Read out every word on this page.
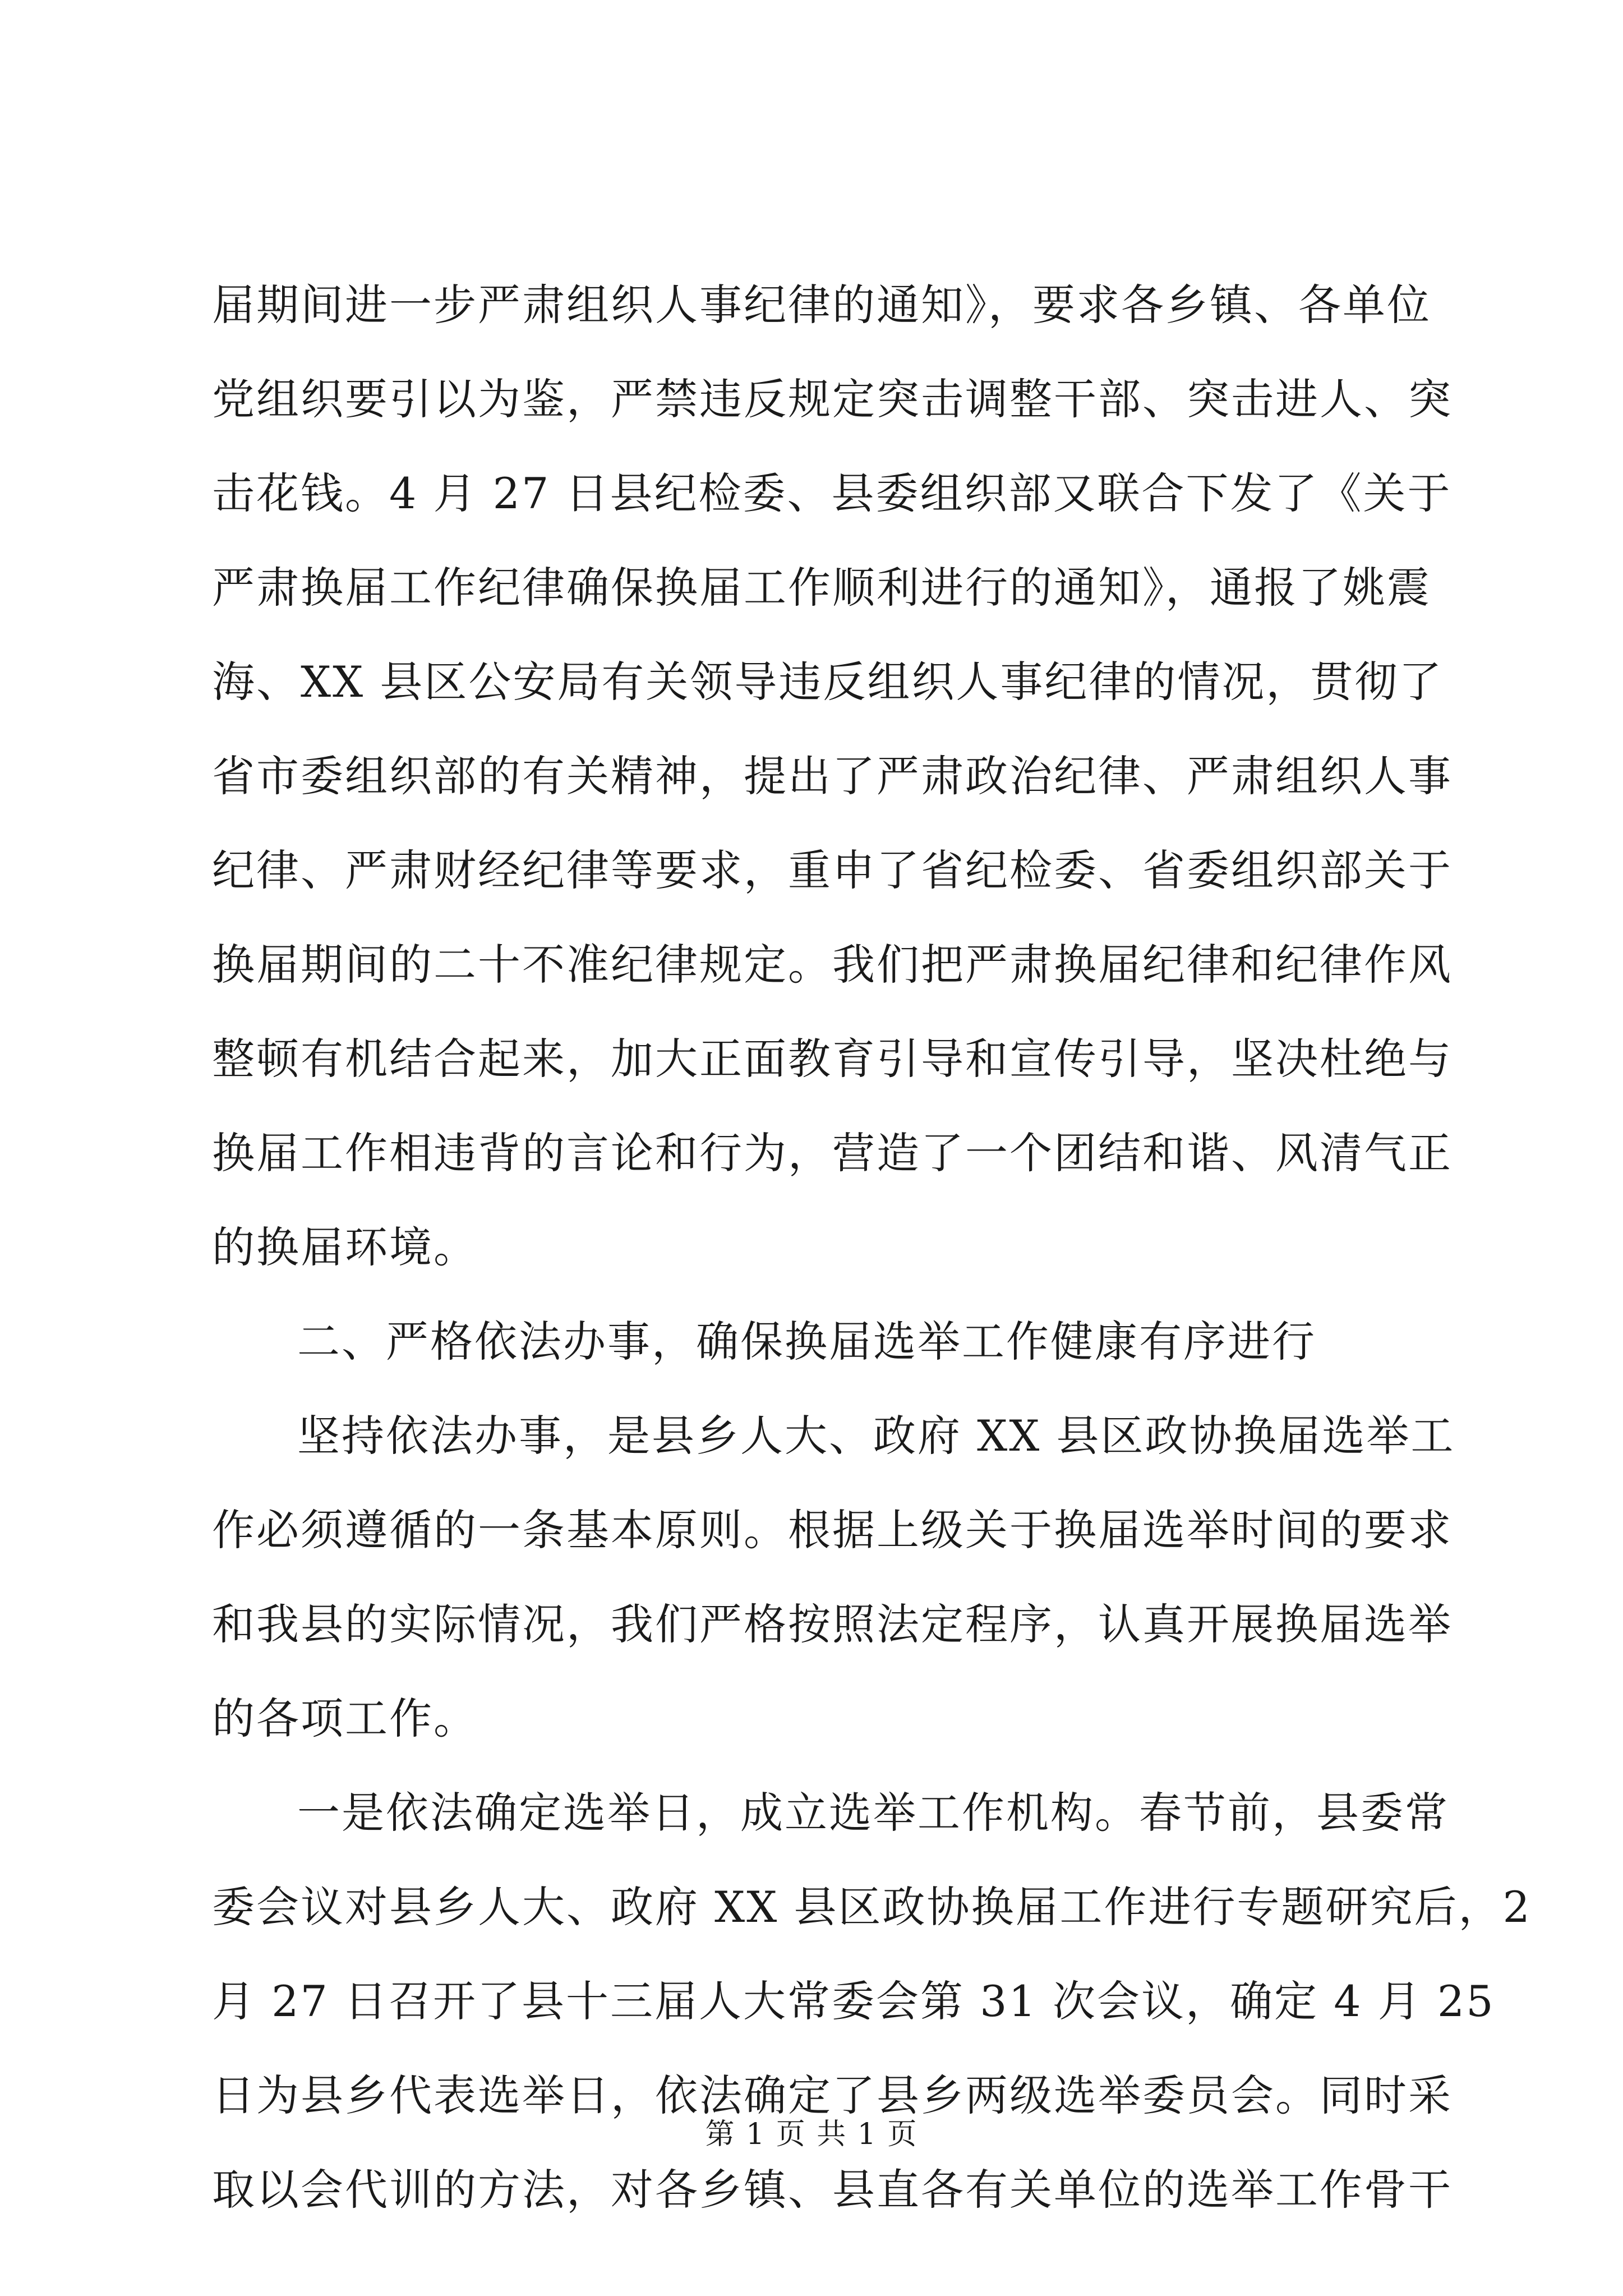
届期间进一步严肃组织人事纪律的通知》，要求各乡镇、各单位
党组织要引以为鉴，严禁违反规定突击调整干部、突击进人、突
击花钱。4 月 27 日县纪检委、县委组织部又联合下发了《关于
严肃换届工作纪律确保换届工作顺利进行的通知》，通报了姚震
海、XX 县区公安局有关领导违反组织人事纪律的情况，贯彻了
省市委组织部的有关精神，提出了严肃政治纪律、严肃组织人事
纪律、严肃财经纪律等要求，重申了省纪检委、省委组织部关于
换届期间的二十不准纪律规定。我们把严肃换届纪律和纪律作风
整顿有机结合起来，加大正面教育引导和宣传引导，坚决杜绝与
换届工作相违背的言论和行为，营造了一个团结和谐、风清气正
的换届环境。
二、严格依法办事，确保换届选举工作健康有序进行
坚持依法办事，是县乡人大、政府 XX 县区政协换届选举工
作必须遵循的一条基本原则。根据上级关于换届选举时间的要求
和我县的实际情况，我们严格按照法定程序，认真开展换届选举
的各项工作。
一是依法确定选举日，成立选举工作机构。春节前，县委常
委会议对县乡人大、政府 XX 县区政协换届工作进行专题研究后，2
月 27 日召开了县十三届人大常委会第 31 次会议，确定 4 月 25
日为县乡代表选举日，依法确定了县乡两级选举委员会。同时采
取以会代训的方法，对各乡镇、县直各有关单位的选举工作骨干
第 1 页 共 1 页
